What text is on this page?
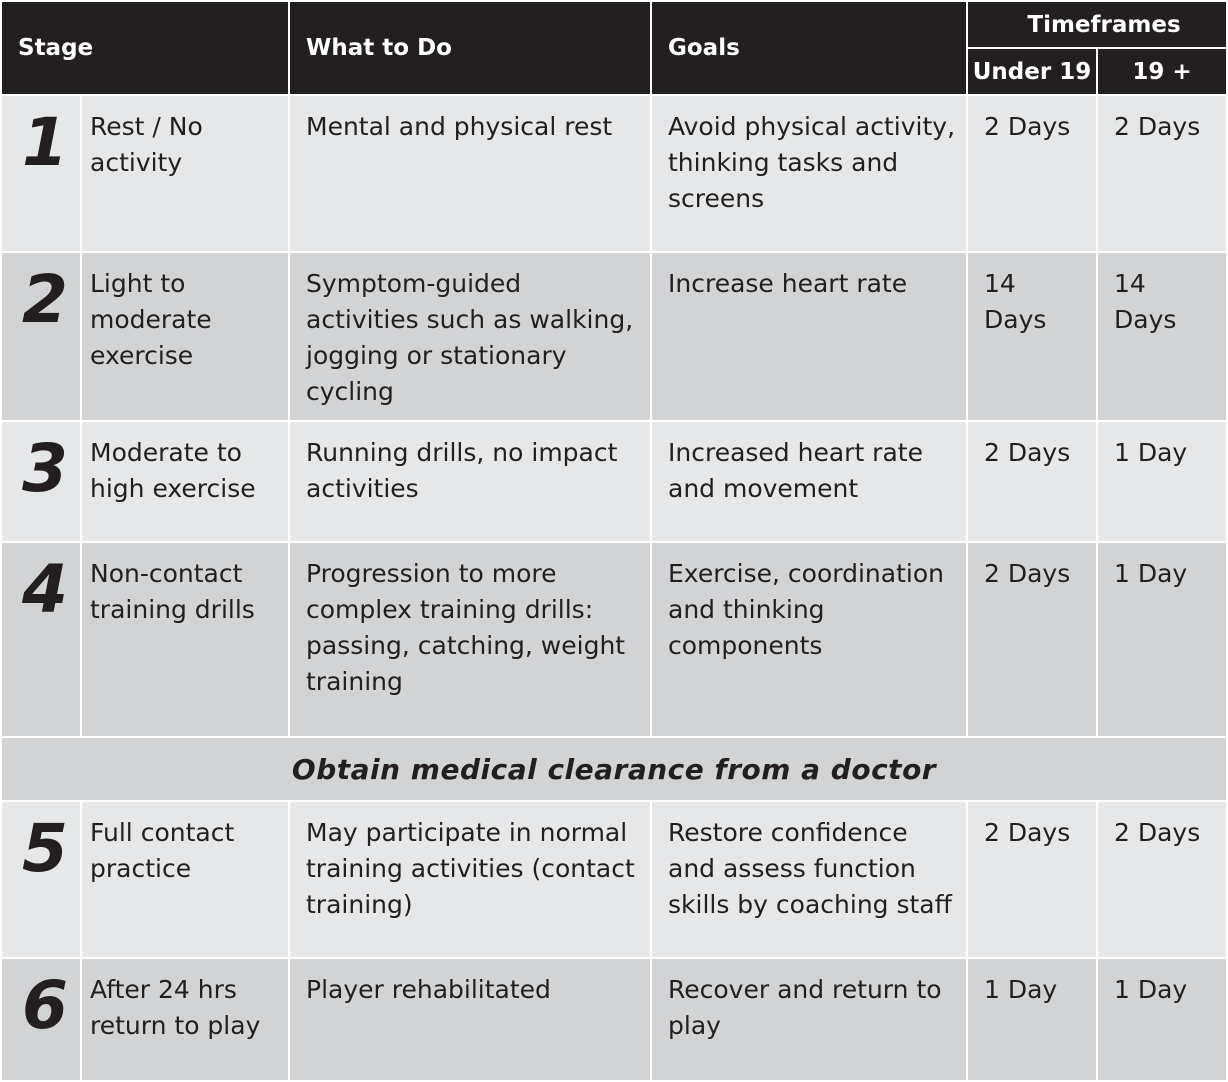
Stage		What to Do	Goals	Timeframes	
				Under 19	19 +
1	Rest / No activity	Mental and physical rest	Avoid physical activity, thinking tasks and screens	2 Days	2 Days
2	Light to moderate exercise	Symptom-guided activities such as walking, jogging or stationary cycling	Increase heart rate	14 Days	14 Days
3	Moderate to high exercise	Running drills, no impact activities	Increased heart rate and movement	2 Days	1 Day
4	Non-contact training drills	Progression to more complex training drills: passing, catching, weight training	Exercise, coordination and thinking components	2 Days	1 Day
Obtain medical clearance from a doctor					
5	Full contact practice	May participate in normal training activities (contact training)	Restore confidence and assess function skills by coaching staff	2 Days	2 Days
6	After 24 hrs return to play	Player rehabilitated	Recover and return to play	1 Day	1 Day
